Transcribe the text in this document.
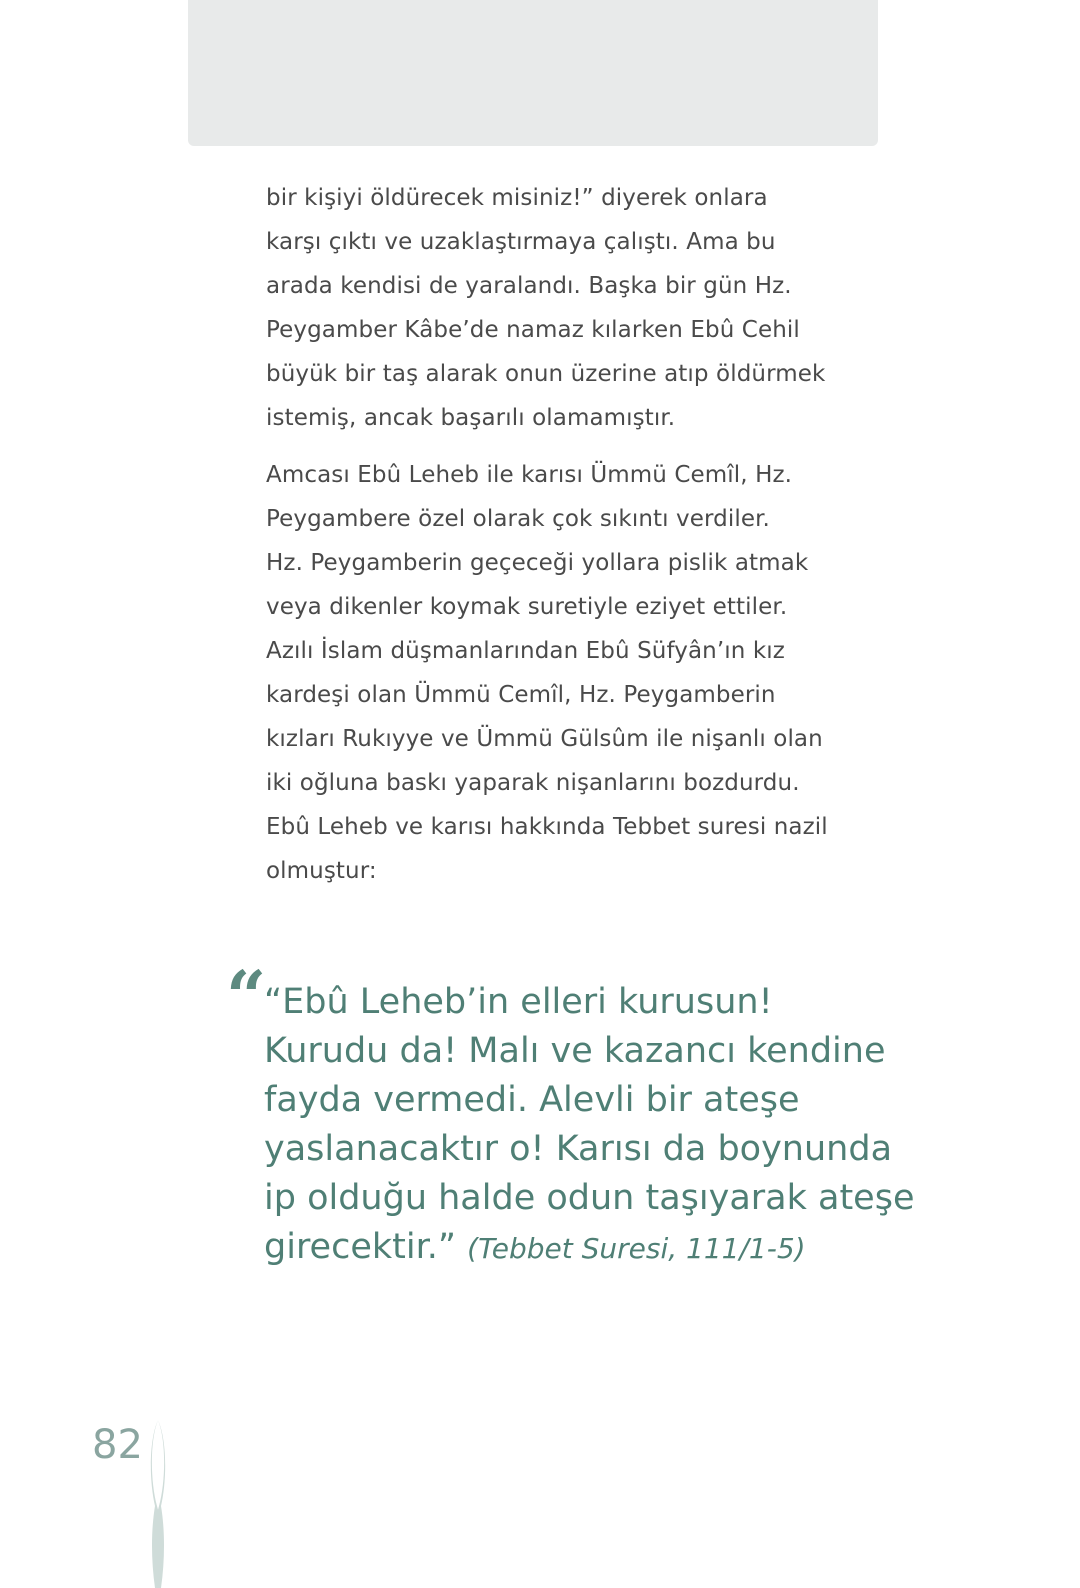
bir kişiyi öldürecek misiniz!” diyerek onlara
karşı çıktı ve uzaklaştırmaya çalıştı. Ama bu
arada kendisi de yaralandı. Başka bir gün Hz.
Peygamber Kâbe’de namaz kılarken Ebû Cehil
büyük bir taş alarak onun üzerine atıp öldürmek
istemiş, ancak başarılı olamamıştır.

Amcası Ebû Leheb ile karısı Ümmü Cemîl, Hz.
Peygambere özel olarak çok sıkıntı verdiler.
Hz. Peygamberin geçeceği yollara pislik atmak
veya dikenler koymak suretiyle eziyet ettiler.
Azılı İslam düşmanlarından Ebû Süfyân’ın kız
kardeşi olan Ümmü Cemîl, Hz. Peygamberin
kızları Rukıyye ve Ümmü Gülsûm ile nişanlı olan
iki oğluna baskı yaparak nişanlarını bozdurdu.
Ebû Leheb ve karısı hakkında Tebbet suresi nazil
olmuştur:

“
“Ebû Leheb’in elleri kurusun!
Kurudu da! Malı ve kazancı kendine
fayda vermedi. Alevli bir ateşe
yaslanacaktır o! Karısı da boynunda
ip olduğu halde odun taşıyarak ateşe
girecektir.” (Tebbet Suresi, 111/1-5)
82
